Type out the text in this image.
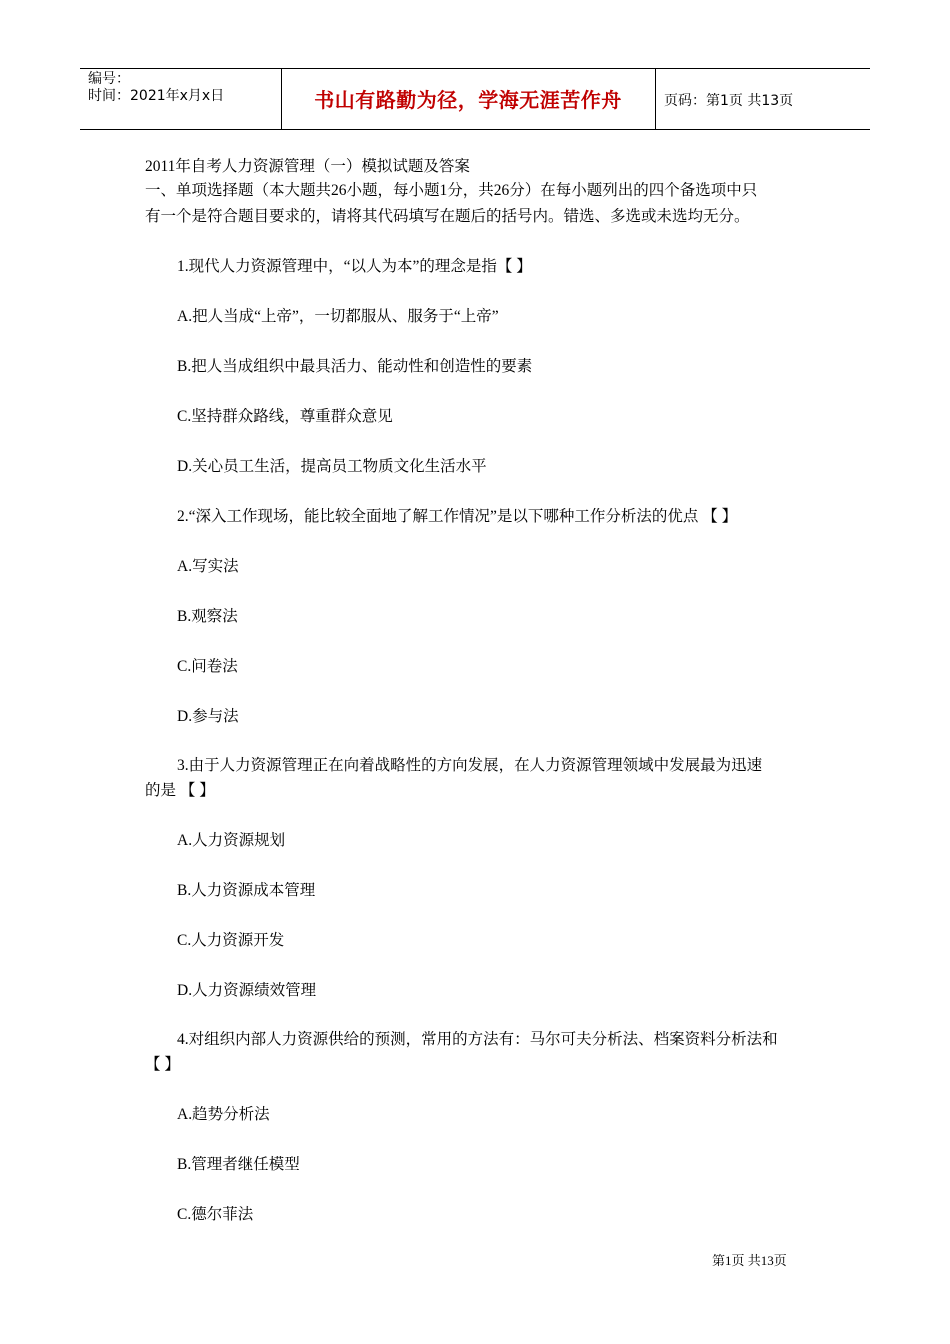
编号：
时间：2021年x月x日	书山有路勤为径，学海无涯苦作舟	页码：第1页 共13页
2011年自考人力资源管理（一）模拟试题及答案
一、单项选择题（本大题共26小题，每小题1分，共26分）在每小题列出的四个备选项中只
有一个是符合题目要求的，请将其代码填写在题后的括号内。错选、多选或未选均无分。
1.现代人力资源管理中，“以人为本”的理念是指【 】
A.把人当成“上帝”，一切都服从、服务于“上帝”
B.把人当成组织中最具活力、能动性和创造性的要素
C.坚持群众路线，尊重群众意见
D.关心员工生活，提高员工物质文化生活水平
2.“深入工作现场，能比较全面地了解工作情况”是以下哪种工作分析法的优点 【 】
A.写实法
B.观察法
C.问卷法
D.参与法
3.由于人力资源管理正在向着战略性的方向发展，在人力资源管理领域中发展最为迅速
的是 【 】
A.人力资源规划
B.人力资源成本管理
C.人力资源开发
D.人力资源绩效管理
4.对组织内部人力资源供给的预测，常用的方法有：马尔可夫分析法、档案资料分析法和
【 】
A.趋势分析法
B.管理者继任模型
C.德尔菲法
第1页 共13页
